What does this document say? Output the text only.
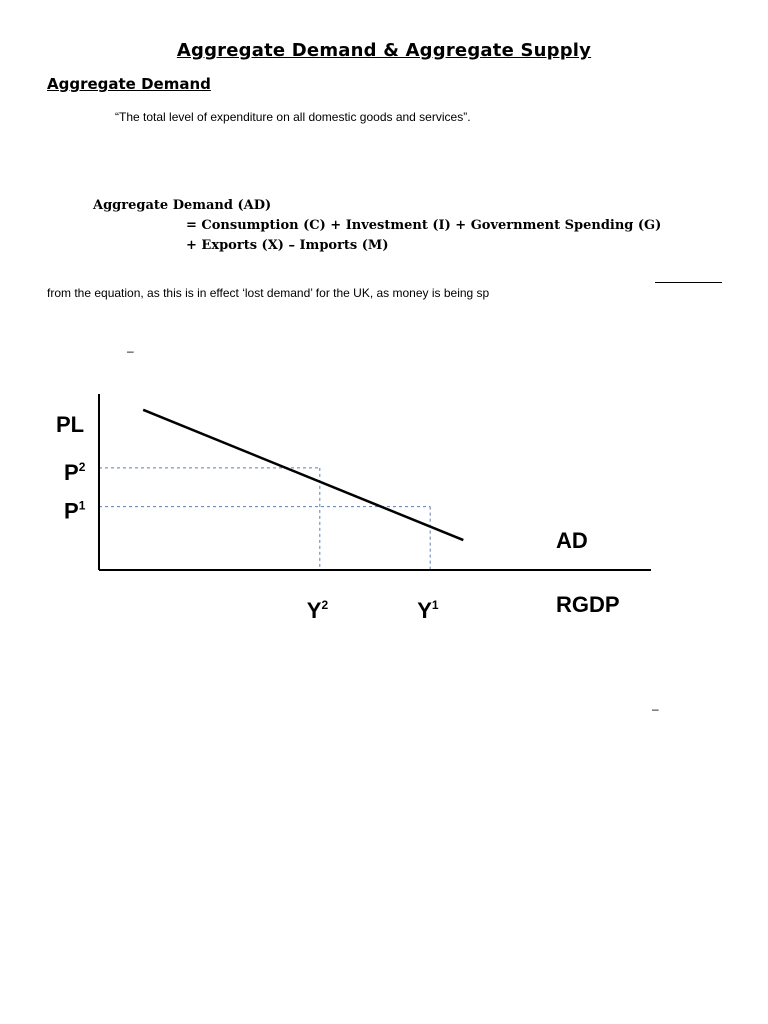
Aggregate Demand & Aggregate Supply
Aggregate Demand
“The total level of expenditure on all domestic goods and services”.
Aggregate Demand (AD)
= Consumption (C) + Investment (I) + Government Spending (G)
+ Exports (X) – Imports (M)
from the equation, as this is in effect ‘lost demand’ for the UK, as money is being sp
–
PL
RGDP
AD
$P^2$
$P^1$
$Y^2$	$Y^1$
–
